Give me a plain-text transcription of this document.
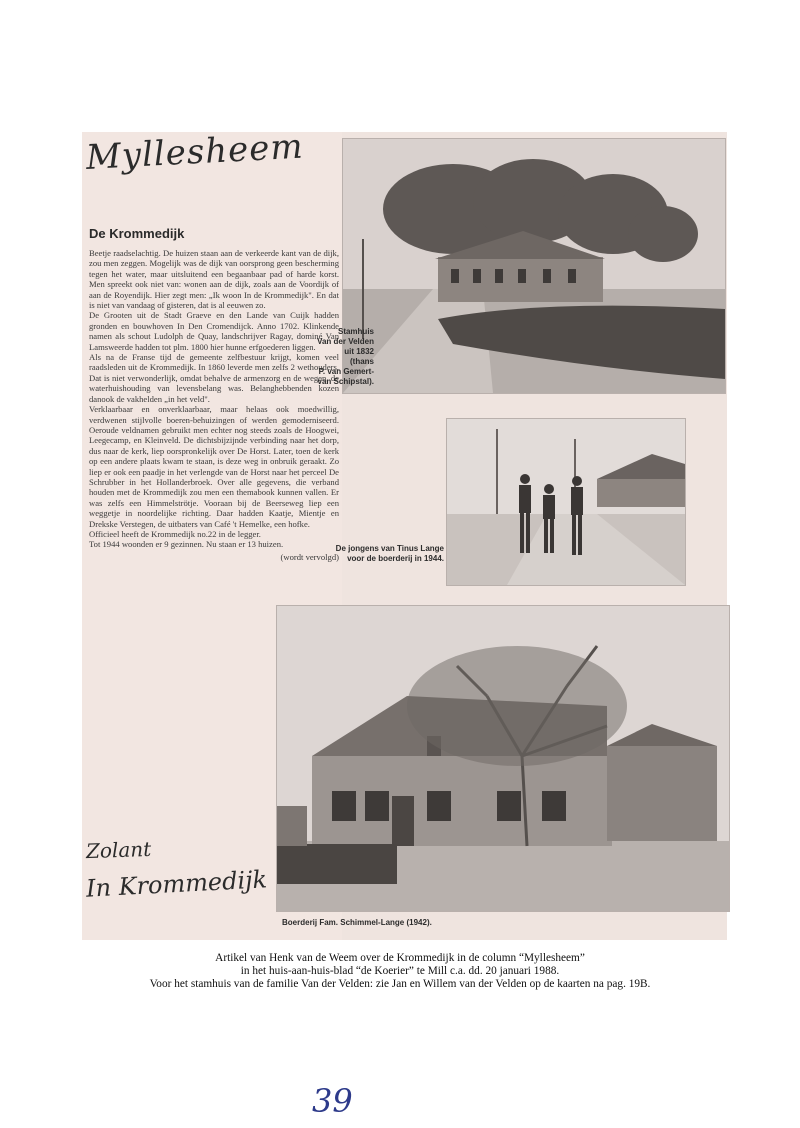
Myllesheem
De Krommedijk

Beetje raadselachtig. De huizen staan aan de verkeerde kant van de dijk, zou men zeggen. Mogelijk was de dijk van oorsprong geen bescherming tegen het water, maar uitsluitend een begaanbaar pad of harde korst. Men spreekt ook niet van: wonen aan de dijk, zoals aan de Voordijk of aan de Royendijk. Hier zegt men: „Ik woon In de Krommedijk". En dat is niet van vandaag of gisteren, dat is al eeuwen zo.

De Grooten uit de Stadt Graeve en den Lande van Cuijk hadden gronden en bouwhoven In Den Cromendijck. Anno 1702. Klinkende namen als schout Ludolph de Quay, landschrijver Ragay, dominé Van Lamsweerde hadden tot plm. 1800 hier hunne erfgoederen liggen.

Als na de Franse tijd de gemeente zelfbestuur krijgt, komen veel raadsleden uit de Krommedijk. In 1860 leverde men zelfs 2 wethouders. Dat is niet verwonderlijk, omdat behalve de armenzorg en de wegen, de waterhuishouding van levensbelang was. Belanghebbenden kozen danook de vakhelden „in het veld".

Verklaarbaar en onverklaarbaar, maar helaas ook moedwillig, verdwenen stijlvolle boeren-behuizingen of werden gemoderniseerd. Oeroude veldnamen gebruikt men echter nog steeds zoals de Hoogwei, Leegecamp, en Kleinveld. De dichtsbijzijnde verbinding naar het dorp, dus naar de kerk, liep oorspronkelijk over De Horst. Later, toen de kerk op een andere plaats kwam te staan, is deze weg in onbruik geraakt. Zo liep er ook een paadje in het verlengde van de Horst naar het perceel De Schrubber in het Hollanderbroek. Over alle gegevens, die verband houden met de Krommedijk zou men een themabook kunnen vallen. Er was zelfs een Himmelströtje. Vooraan bij de Beerseweg liep een weggetje in noordelijke richting. Daar hadden Kaatje, Mientje en Drekske Verstegen, de uitbaters van Café 't Hemelke, een hofke.

Officieel heeft de Krommedijk no.22 in de legger.

Tot 1944 woonden er 9 gezinnen. Nu staan er 13 huizen.

(wordt vervolgd)

Zolant
In Krommedijk
Stamhuis
Van der Velden
uit 1832
(thans
P. van Gemert-
van Schipstal).
De jongens van Tinus Lange
voor de boerderij in 1944.
Boerderij Fam. Schimmel-Lange (1942).
Artikel van Henk van de Weem over de Krommedijk in de column “Myllesheem”
in het huis-aan-huis-blad “de Koerier” te Mill c.a. dd. 20 januari 1988.
Voor het stamhuis van de familie Van der Velden: zie Jan en Willem van der Velden op de kaarten na pag. 19B.
39
